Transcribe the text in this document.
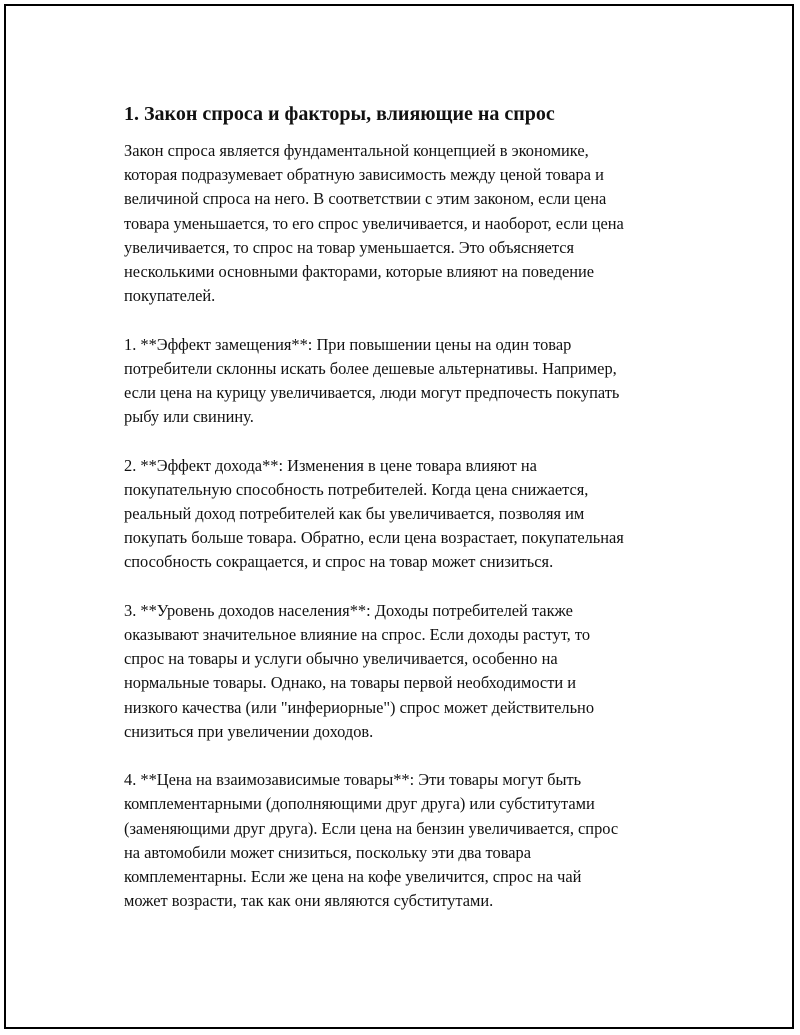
1. Закон спроса и факторы, влияющие на спрос

Закон спроса является фундаментальной концепцией в экономике,
которая подразумевает обратную зависимость между ценой товара и
величиной спроса на него. В соответствии с этим законом, если цена
товара уменьшается, то его спрос увеличивается, и наоборот, если цена
увеличивается, то спрос на товар уменьшается. Это объясняется
несколькими основными факторами, которые влияют на поведение
покупателей.

1. **Эффект замещения**: При повышении цены на один товар
потребители склонны искать более дешевые альтернативы. Например,
если цена на курицу увеличивается, люди могут предпочесть покупать
рыбу или свинину.

2. **Эффект дохода**: Изменения в цене товара влияют на
покупательную способность потребителей. Когда цена снижается,
реальный доход потребителей как бы увеличивается, позволяя им
покупать больше товара. Обратно, если цена возрастает, покупательная
способность сокращается, и спрос на товар может снизиться.

3. **Уровень доходов населения**: Доходы потребителей также
оказывают значительное влияние на спрос. Если доходы растут, то
спрос на товары и услуги обычно увеличивается, особенно на
нормальные товары. Однако, на товары первой необходимости и
низкого качества (или "инфериорные") спрос может действительно
снизиться при увеличении доходов.

4. **Цена на взаимозависимые товары**: Эти товары могут быть
комплементарными (дополняющими друг друга) или субститутами
(заменяющими друг друга). Если цена на бензин увеличивается, спрос
на автомобили может снизиться, поскольку эти два товара
комплементарны. Если же цена на кофе увеличится, спрос на чай
может возрасти, так как они являются субститутами.
